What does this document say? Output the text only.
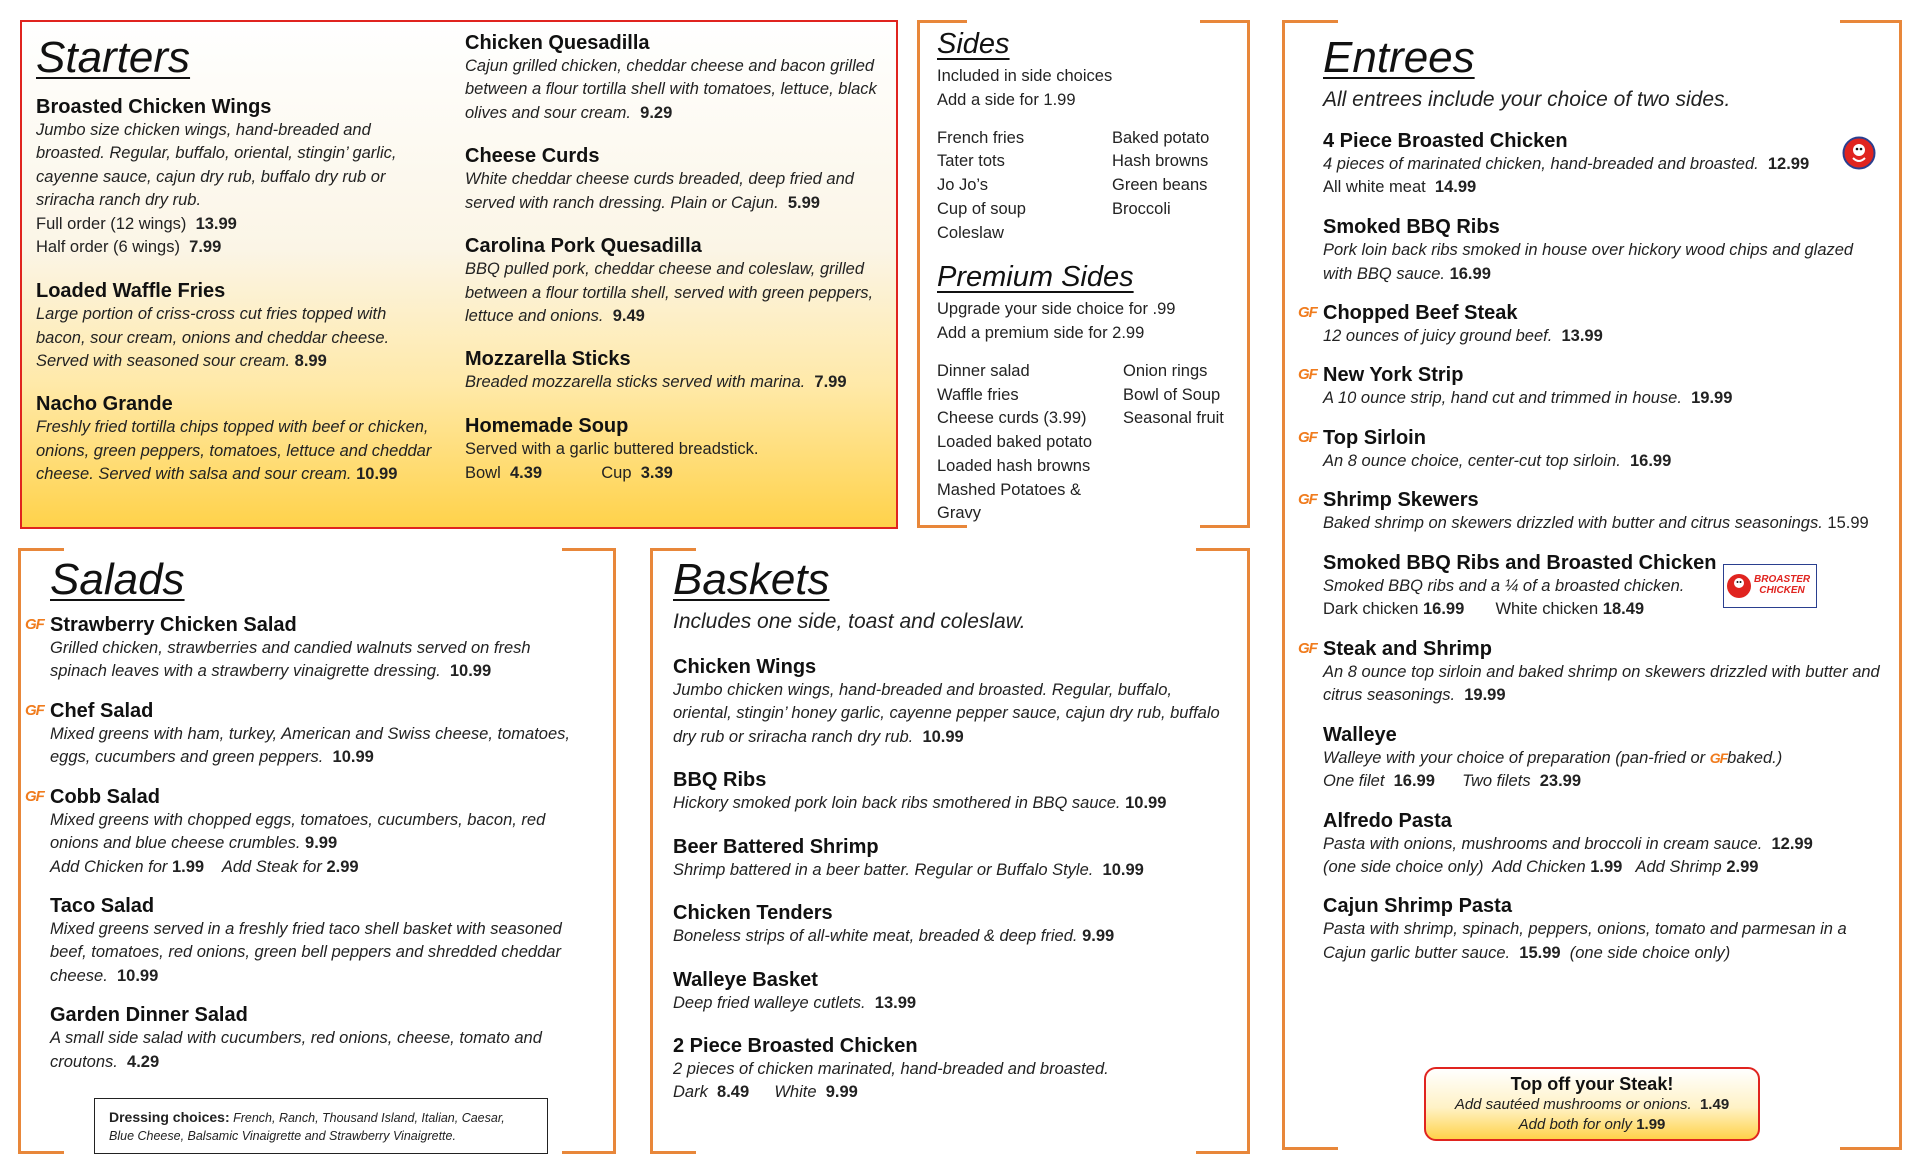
Starters
Broasted Chicken Wings
Jumbo size chicken wings, hand-breaded and broasted. Regular, buffalo, oriental, stingin’ garlic, cayenne sauce, cajun dry rub, buffalo dry rub or sriracha ranch dry rub.
Full order (12 wings) 13.99
Half order (6 wings) 7.99
Loaded Waffle Fries
Large portion of criss-cross cut fries topped with bacon, sour cream, onions and cheddar cheese. Served with seasoned sour cream. 8.99
Nacho Grande
Freshly fried tortilla chips topped with beef or chicken, onions, green peppers, tomatoes, lettuce and cheddar cheese. Served with salsa and sour cream. 10.99
Chicken Quesadilla
Cajun grilled chicken, cheddar cheese and bacon grilled between a flour tortilla shell with tomatoes, lettuce, black olives and sour cream. 9.29
Cheese Curds
White cheddar cheese curds breaded, deep fried and served with ranch dressing. Plain or Cajun. 5.99
Carolina Pork Quesadilla
BBQ pulled pork, cheddar cheese and coleslaw, grilled between a flour tortilla shell, served with green peppers, lettuce and onions. 9.49
Mozzarella Sticks
Breaded mozzarella sticks served with marina. 7.99
Homemade Soup
Served with a garlic buttered breadstick.
Bowl 4.39	Cup 3.39
Sides
Included in side choices
Add a side for 1.99
French fries
Tater tots
Jo Jo’s
Cup of soup
Coleslaw
Baked potato
Hash browns
Green beans
Broccoli
Premium Sides
Upgrade your side choice for .99
Add a premium side for 2.99
Dinner salad
Waffle fries
Cheese curds (3.99)
Loaded baked potato
Loaded hash browns
Mashed Potatoes & Gravy
Onion rings
Bowl of Soup
Seasonal fruit
Entrees
All entrees include your choice of two sides.
4 Piece Broasted Chicken
4 pieces of marinated chicken, hand-breaded and broasted. 12.99
All white meat 14.99
Smoked BBQ Ribs
Pork loin back ribs smoked in house over hickory wood chips and glazed with BBQ sauce. 16.99
GF Chopped Beef Steak
12 ounces of juicy ground beef. 13.99
GF New York Strip
A 10 ounce strip, hand cut and trimmed in house. 19.99
GF Top Sirloin
An 8 ounce choice, center-cut top sirloin. 16.99
GF Shrimp Skewers
Baked shrimp on skewers drizzled with butter and citrus seasonings. 15.99
Smoked BBQ Ribs and Broasted Chicken
Smoked BBQ ribs and a ¼ of a broasted chicken.
Dark chicken 16.99 White chicken 18.49
BROASTER CHICKEN
GF Steak and Shrimp
An 8 ounce top sirloin and baked shrimp on skewers drizzled with butter and citrus seasonings. 19.99
Walleye
Walleye with your choice of preparation (pan-fried or GFbaked.)
One filet 16.99 Two filets 23.99
Alfredo Pasta
Pasta with onions, mushrooms and broccoli in cream sauce. 12.99
(one side choice only) Add Chicken 1.99 Add Shrimp 2.99
Cajun Shrimp Pasta
Pasta with shrimp, spinach, peppers, onions, tomato and parmesan in a Cajun garlic butter sauce. 15.99 (one side choice only)
Top off your Steak!
Add sautéed mushrooms or onions. 1.49
Add both for only 1.99
Salads
GF Strawberry Chicken Salad
Grilled chicken, strawberries and candied walnuts served on fresh spinach leaves with a strawberry vinaigrette dressing. 10.99
GF Chef Salad
Mixed greens with ham, turkey, American and Swiss cheese, tomatoes, eggs, cucumbers and green peppers. 10.99
GF Cobb Salad
Mixed greens with chopped eggs, tomatoes, cucumbers, bacon, red onions and blue cheese crumbles. 9.99
Add Chicken for 1.99 Add Steak for 2.99
Taco Salad
Mixed greens served in a freshly fried taco shell basket with seasoned beef, tomatoes, red onions, green bell peppers and shredded cheddar cheese. 10.99
Garden Dinner Salad
A small side salad with cucumbers, red onions, cheese, tomato and croutons. 4.29
Dressing choices: French, Ranch, Thousand Island, Italian, Caesar, Blue Cheese, Balsamic Vinaigrette and Strawberry Vinaigrette.
Baskets
Includes one side, toast and coleslaw.
Chicken Wings
Jumbo chicken wings, hand-breaded and broasted. Regular, buffalo, oriental, stingin’ honey garlic, cayenne pepper sauce, cajun dry rub, buffalo dry rub or sriracha ranch dry rub. 10.99
BBQ Ribs
Hickory smoked pork loin back ribs smothered in BBQ sauce. 10.99
Beer Battered Shrimp
Shrimp battered in a beer batter. Regular or Buffalo Style. 10.99
Chicken Tenders
Boneless strips of all-white meat, breaded & deep fried. 9.99
Walleye Basket
Deep fried walleye cutlets. 13.99
2 Piece Broasted Chicken
2 pieces of chicken marinated, hand-breaded and broasted.
Dark 8.49 White 9.99
